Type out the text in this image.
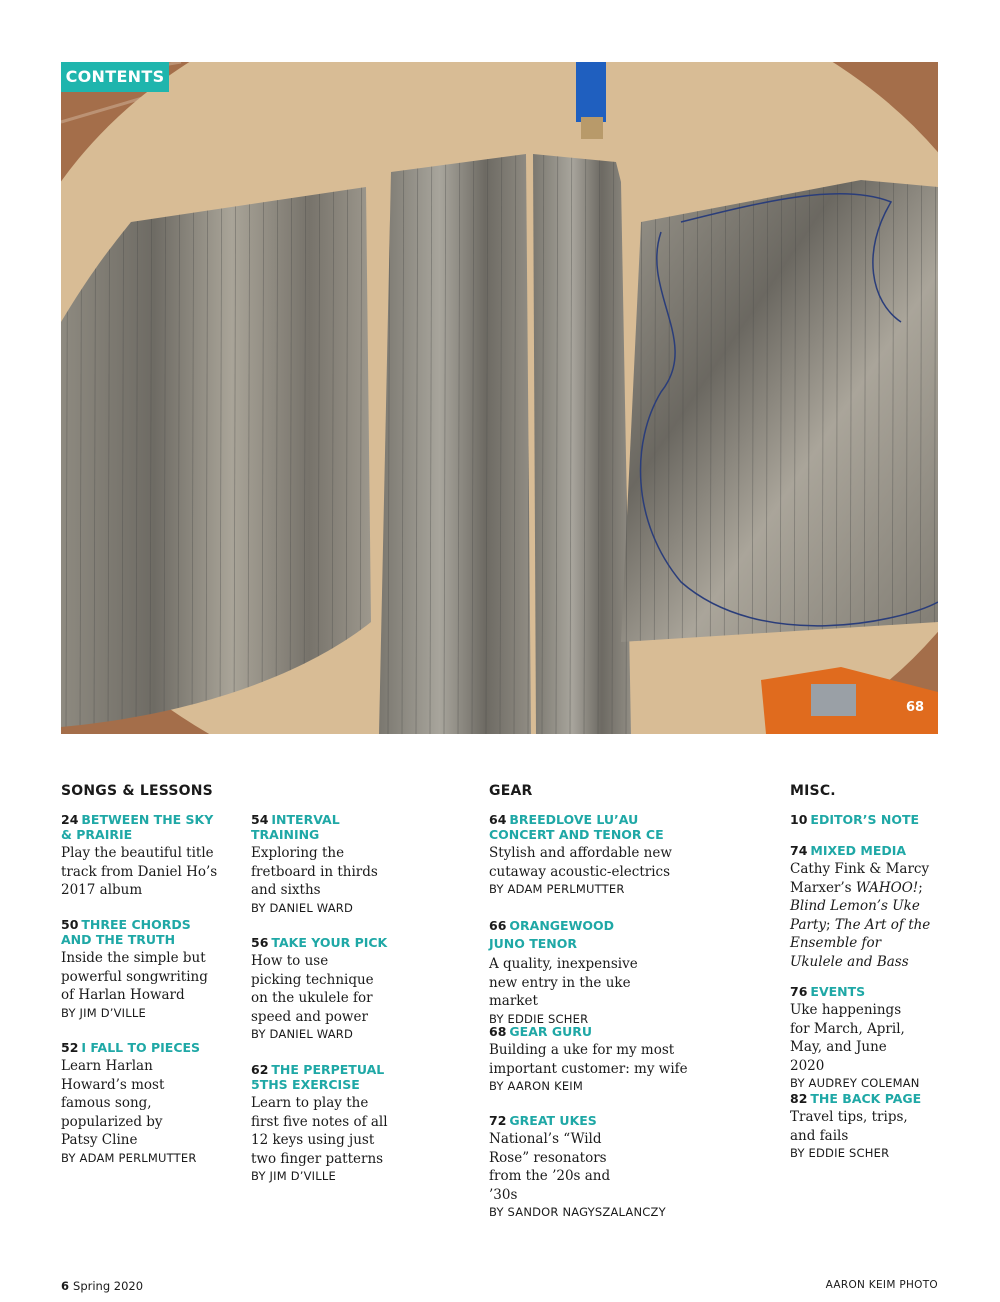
CONTENTS
68
SONGS & LESSONS	GEAR	MISC.
24 BETWEEN THE SKY & PRAIRIE
Play the beautiful title track from Daniel Ho’s 2017 album
50 THREE CHORDS AND THE TRUTH
Inside the simple but powerful songwriting of Harlan Howard
BY JIM D’VILLE
52 I FALL TO PIECES
Learn Harlan Howard’s most famous song, popularized by Patsy Cline
BY ADAM PERLMUTTER
54 INTERVAL TRAINING
Exploring the fretboard in thirds and sixths
BY DANIEL WARD
56 TAKE YOUR PICK
How to use picking technique on the ukulele for speed and power
BY DANIEL WARD
62 THE PERPETUAL 5THS EXERCISE
Learn to play the first five notes of all 12 keys using just two finger patterns
BY JIM D’VILLE
64 BREEDLOVE LU’AU CONCERT AND TENOR CE
Stylish and affordable new cutaway acoustic-electrics
BY ADAM PERLMUTTER
66 ORANGEWOOD JUNO TENOR
A quality, inexpensive new entry in the uke market
BY EDDIE SCHER
68 GEAR GURU
Building a uke for my most important customer: my wife
BY AARON KEIM
72 GREAT UKES
National’s “Wild Rose” resonators from the ’20s and ’30s
BY SANDOR NAGYSZALANCZY
10 EDITOR’S NOTE
74 MIXED MEDIA
Cathy Fink & Marcy Marxer’s WAHOO!; Blind Lemon’s Uke Party; The Art of the Ensemble for Ukulele and Bass
76 EVENTS
Uke happenings for March, April, May, and June 2020
BY AUDREY COLEMAN
82 THE BACK PAGE
Travel tips, trips, and fails
BY EDDIE SCHER
6 Spring 2020	AARON KEIM PHOTO
